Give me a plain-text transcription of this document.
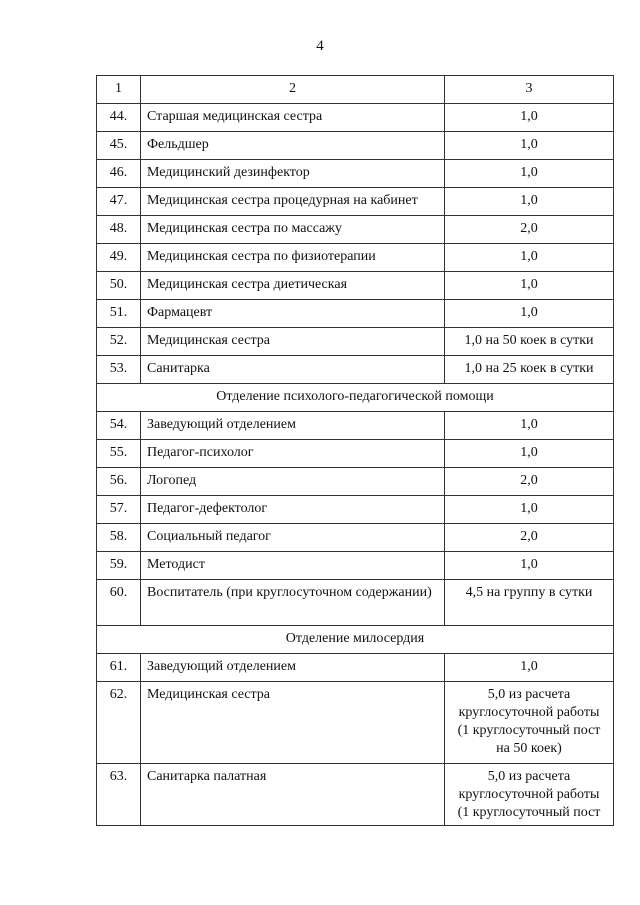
4
1	2	3
44.	Старшая медицинская сестра	1,0
45.	Фельдшер	1,0
46.	Медицинский дезинфектор	1,0
47.	Медицинская сестра процедурная на кабинет	1,0
48.	Медицинская сестра по массажу	2,0
49.	Медицинская сестра по физиотерапии	1,0
50.	Медицинская сестра диетическая	1,0
51.	Фармацевт	1,0
52.	Медицинская сестра	1,0 на 50 коек в сутки
53.	Санитарка	1,0 на 25 коек в сутки
Отделение психолого-педагогической помощи		
54.	Заведующий отделением	1,0
55.	Педагог-психолог	1,0
56.	Логопед	2,0
57.	Педагог-дефектолог	1,0
58.	Социальный педагог	2,0
59.	Методист	1,0
60.	Воспитатель (при круглосуточном содержании)	4,5 на группу в сутки
Отделение милосердия		
61.	Заведующий отделением	1,0
62.	Медицинская сестра	5,0 из расчета
круглосуточной работы
(1 круглосуточный пост
на 50 коек)

63.	Санитарка палатная	5,0 из расчета
круглосуточной работы
(1 круглосуточный пост
